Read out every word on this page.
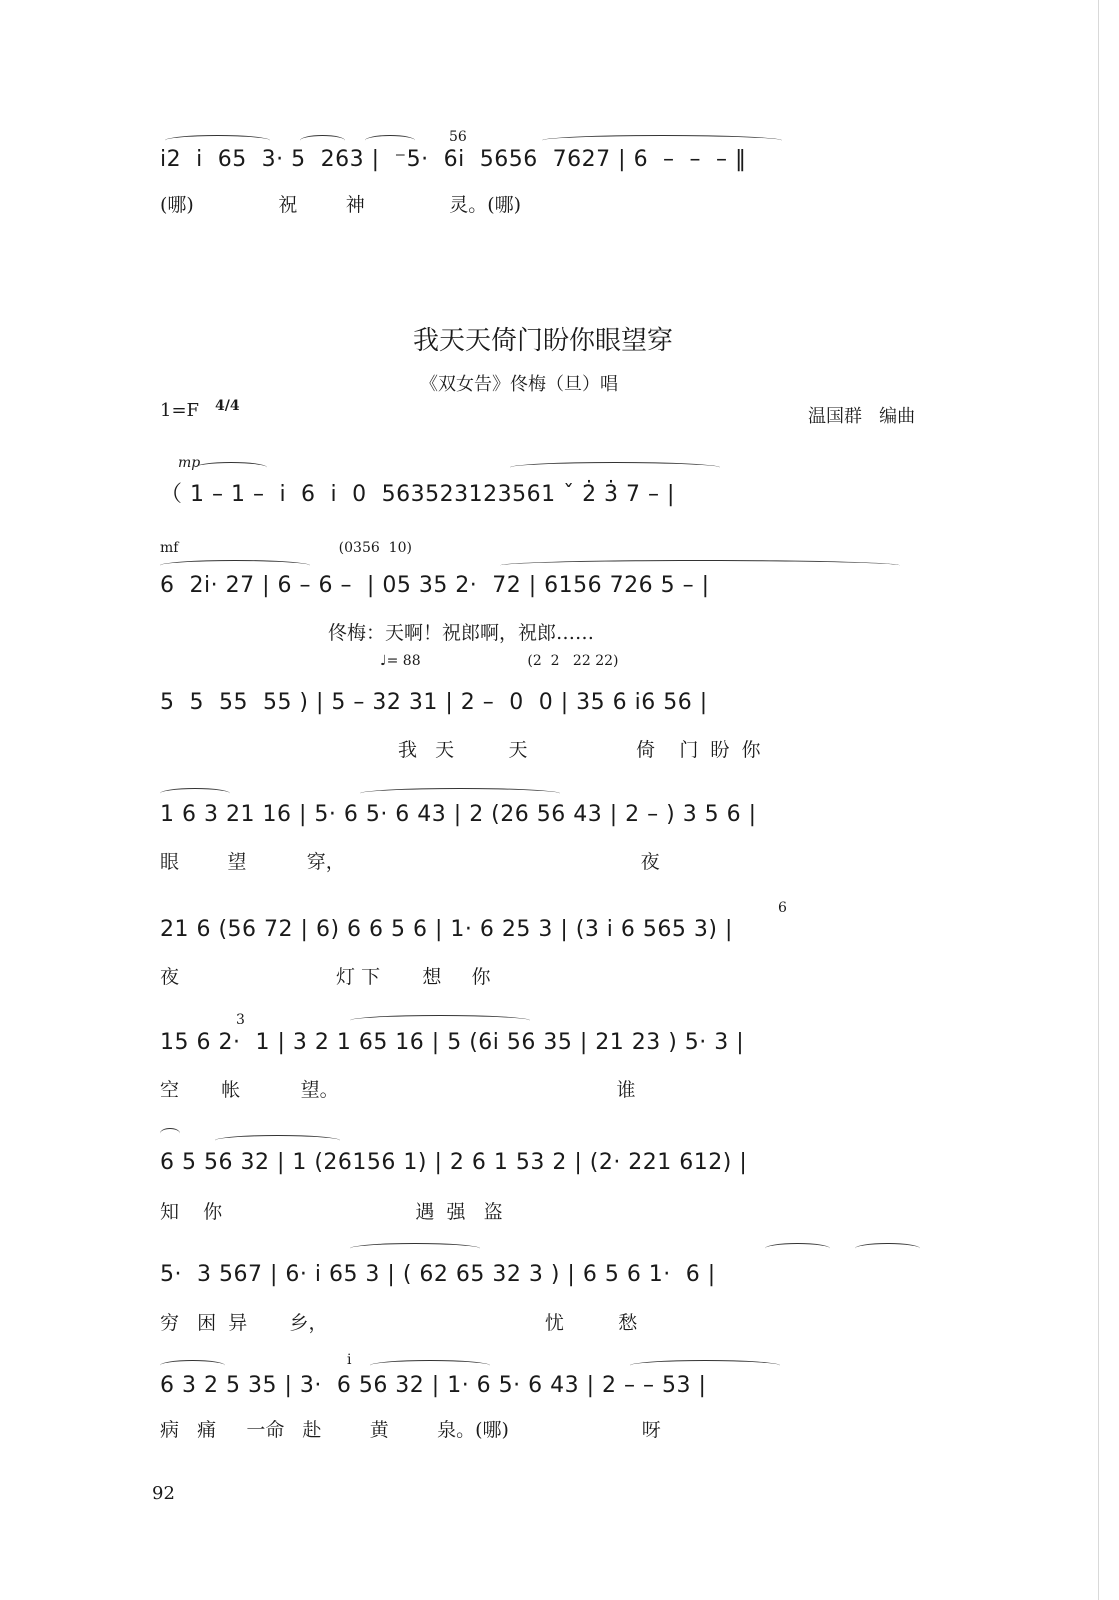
56
i2  i  65  3· 5  263 |  ⁻5·  6i  5656  7627 | 6  –  –  – ‖
(哪)              祝        神              灵。(哪)
我天天倚门盼你眼望穿
《双女告》佟梅（旦）唱
1=F 4/4	温国群   编曲
mp
（ 1 – 1 –  i  6  i  0  563523123561 ˇ 2̇ 3̇ 7 – |
mf                                    (0356  10)
6  2i· 27 | 6 – 6 –  | 05 35 2·  72 | 6156 726 5 – |
佟梅：天啊！祝郎啊，祝郎……
♩= 88                        (2  2   22 22)
5  5  55  55 ) | 5 – 32 31 | 2 –  0  0 | 35 6 i6 56 |
我   天         天                  倚    门  盼  你
1 6 3 21 16 | 5· 6 5· 6 43 | 2 (26 56 43 | 2 – ) 3 5 6 |
眼        望          穿，                                                 夜
6
21 6 (56 72 | 6) 6 6 5 6 | 1· 6 25 3 | (3 i 6 565 3) |
夜                          灯 下       想     你
3
15 6 2·  1 | 3 2 1 65 16 | 5 (6i 56 35 | 21 23 ) 5· 3 |
空       帐          望。                                              谁
6 5 56 32 | 1 (26156 1) | 2 6 1 53 2 | (2· 221 612) |
知    你                                遇  强   盗
5·  3 567 | 6· i 65 3 | ( 62 65 32 3 ) | 6 5 6 1·  6 |
穷   困  异       乡，                                    忧         愁
i
6 3 2 5 35 | 3·  6 56 32 | 1· 6 5· 6 43 | 2 – – 53 |
病   痛     一命   赴        黄        泉。(哪)                      呀
92
